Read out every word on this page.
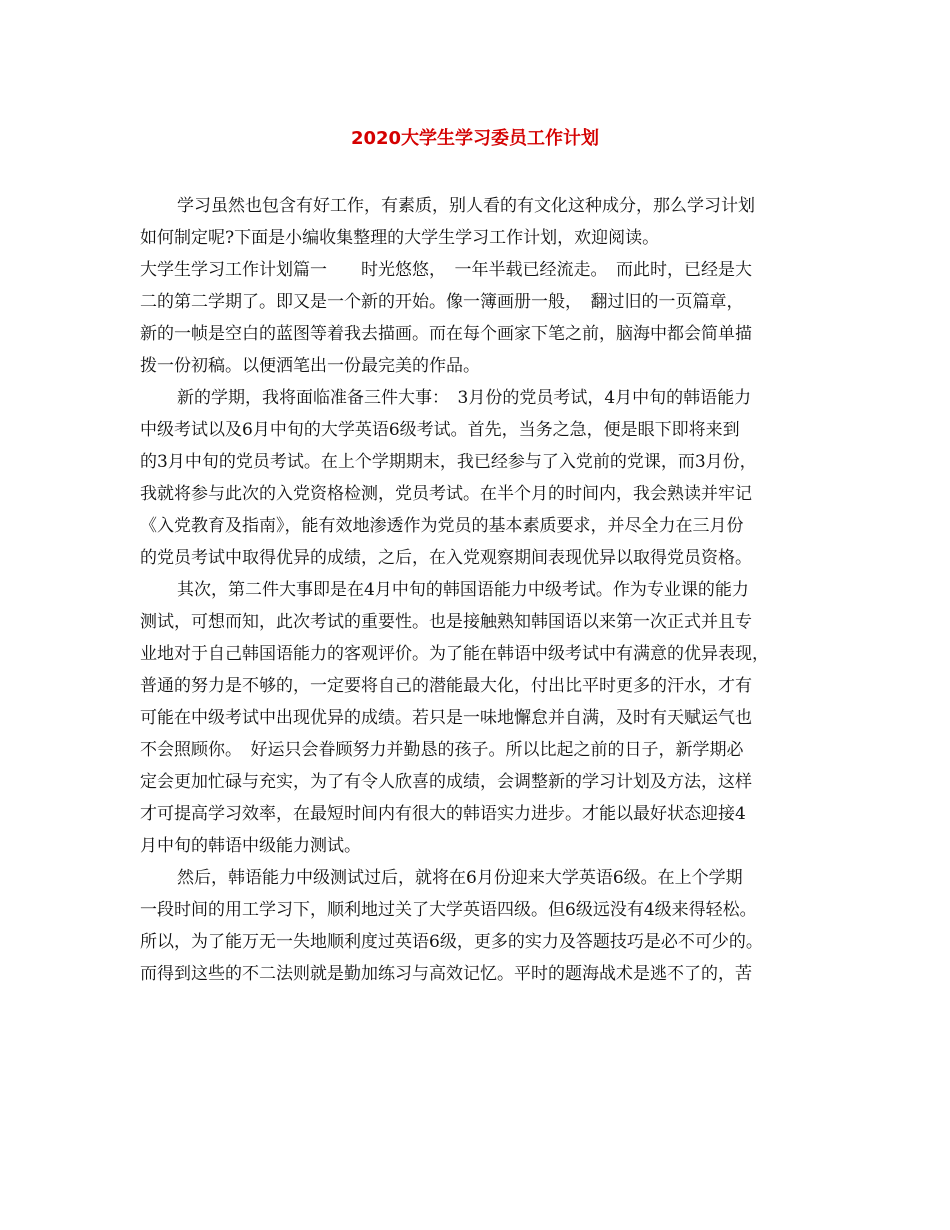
2020大学生学习委员工作计划
学习虽然也包含有好工作，有素质，别人看的有文化这种成分，那么学习计划
如何制定呢?下面是小编收集整理的大学生学习工作计划，欢迎阅读。
大学生学习工作计划篇一　　时光悠悠，　一年半载已经流走。　而此时，已经是大
二的第二学期了。即又是一个新的开始。像一簿画册一般，　翻过旧的一页篇章，
新的一帧是空白的蓝图等着我去描画。而在每个画家下笔之前，脑海中都会简单描
拨一份初稿。以便洒笔出一份最完美的作品。
新的学期，我将面临准备三件大事：　3月份的党员考试，4月中旬的韩语能力
中级考试以及6月中旬的大学英语6级考试。首先，当务之急，便是眼下即将来到
的3月中旬的党员考试。在上个学期期末，我已经参与了入党前的党课，而3月份，
我就将参与此次的入党资格检测，党员考试。在半个月的时间内，我会熟读并牢记
《入党教育及指南》，能有效地渗透作为党员的基本素质要求，并尽全力在三月份
的党员考试中取得优异的成绩，之后，在入党观察期间表现优异以取得党员资格。
其次，第二件大事即是在4月中旬的韩国语能力中级考试。作为专业课的能力
测试，可想而知，此次考试的重要性。也是接触熟知韩国语以来第一次正式并且专
业地对于自己韩国语能力的客观评价。为了能在韩语中级考试中有满意的优异表现，
普通的努力是不够的，一定要将自己的潜能最大化，付出比平时更多的汗水，才有
可能在中级考试中出现优异的成绩。若只是一味地懈怠并自满，及时有天赋运气也
不会照顾你。　好运只会眷顾努力并勤恳的孩子。所以比起之前的日子，新学期必
定会更加忙碌与充实，为了有令人欣喜的成绩，会调整新的学习计划及方法，这样
才可提高学习效率，在最短时间内有很大的韩语实力进步。才能以最好状态迎接4
月中旬的韩语中级能力测试。
然后，韩语能力中级测试过后，就将在6月份迎来大学英语6级。在上个学期
一段时间的用工学习下，顺利地过关了大学英语四级。但6级远没有4级来得轻松。
所以，为了能万无一失地顺利度过英语6级，更多的实力及答题技巧是必不可少的。
而得到这些的不二法则就是勤加练习与高效记忆。平时的题海战术是逃不了的，苦
